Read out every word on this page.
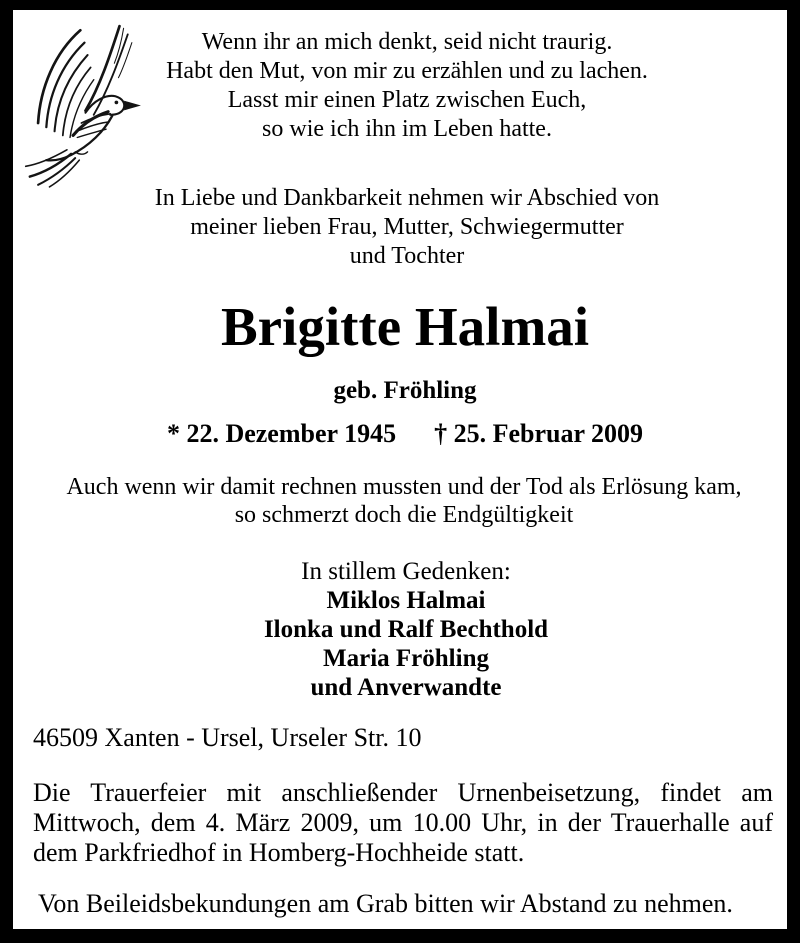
Wenn ihr an mich denkt, seid nicht traurig.
Habt den Mut, von mir zu erzählen und zu lachen.
Lasst mir einen Platz zwischen Euch,
so wie ich ihn im Leben hatte.
In Liebe und Dankbarkeit nehmen wir Abschied von
meiner lieben Frau, Mutter, Schwiegermutter
und Tochter
Brigitte Halmai
geb. Fröhling
* 22. Dezember 1945 † 25. Februar 2009
Auch wenn wir damit rechnen mussten und der Tod als Erlösung kam,
so schmerzt doch die Endgültigkeit
In stillem Gedenken:
Miklos Halmai
Ilonka und Ralf Bechthold
Maria Fröhling
und Anverwandte
46509 Xanten - Ursel, Urseler Str. 10
Die Trauerfeier mit anschließender Urnenbeisetzung, findet am Mittwoch, dem 4. März 2009, um 10.00 Uhr, in der Trauerhalle auf dem Parkfriedhof in Homberg-Hochheide statt.
Von Beileidsbekundungen am Grab bitten wir Abstand zu nehmen.
